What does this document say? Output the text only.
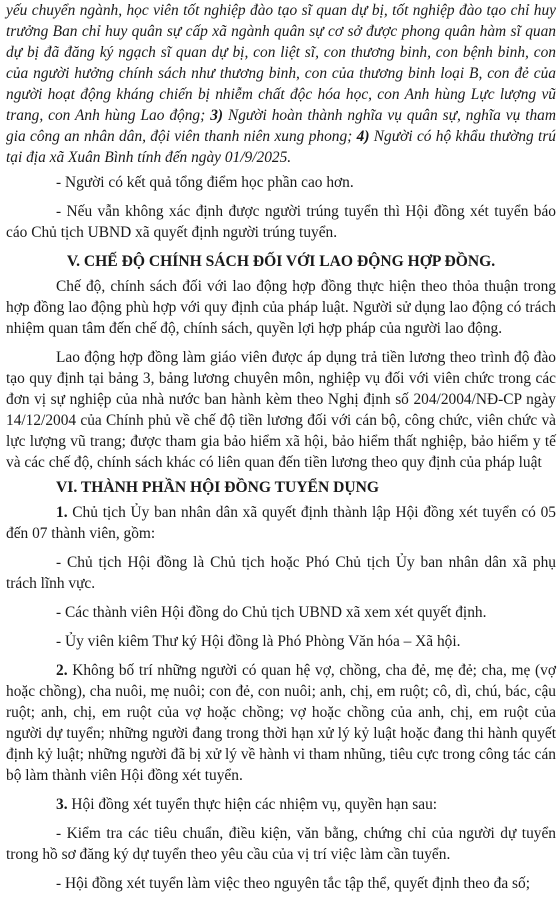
yếu chuyển ngành, học viên tốt nghiệp đào tạo sĩ quan dự bị, tốt nghiệp đào tạo chỉ huy trưởng Ban chỉ huy quân sự cấp xã ngành quân sự cơ sở được phong quân hàm sĩ quan dự bị đã đăng ký ngạch sĩ quan dự bị, con liệt sĩ, con thương binh, con bệnh binh, con của người hưởng chính sách như thương binh, con của thương binh loại B, con đẻ của người hoạt động kháng chiến bị nhiễm chất độc hóa học, con Anh hùng Lực lượng vũ trang, con Anh hùng Lao động; 3) Người hoàn thành nghĩa vụ quân sự, nghĩa vụ tham gia công an nhân dân, đội viên thanh niên xung phong; 4) Người có hộ khẩu thường trú tại địa xã Xuân Bình tính đến ngày 01/9/2025.

- Người có kết quả tổng điểm học phần cao hơn.

- Nếu vẫn không xác định được người trúng tuyển thì Hội đồng xét tuyển báo cáo Chủ tịch UBND xã quyết định người trúng tuyển.

V. CHẾ ĐỘ CHÍNH SÁCH ĐỐI VỚI LAO ĐỘNG HỢP ĐỒNG.

Chế độ, chính sách đối với lao động hợp đồng thực hiện theo thỏa thuận trong hợp đồng lao động phù hợp với quy định của pháp luật. Người sử dụng lao động có trách nhiệm quan tâm đến chế độ, chính sách, quyền lợi hợp pháp của người lao động.

Lao động hợp đồng làm giáo viên được áp dụng trả tiền lương theo trình độ đào tạo quy định tại bảng 3, bảng lương chuyên môn, nghiệp vụ đối với viên chức trong các đơn vị sự nghiệp của nhà nước ban hành kèm theo Nghị định số 204/2004/NĐ-CP ngày 14/12/2004 của Chính phủ về chế độ tiền lương đối với cán bộ, công chức, viên chức và lực lượng vũ trang; được tham gia bảo hiểm xã hội, bảo hiểm thất nghiệp, bảo hiểm y tế và các chế độ, chính sách khác có liên quan đến tiền lương theo quy định của pháp luật

VI. THÀNH PHẦN HỘI ĐỒNG TUYỂN DỤNG

1. Chủ tịch Ủy ban nhân dân xã quyết định thành lập Hội đồng xét tuyển có 05 đến 07 thành viên, gồm:

- Chủ tịch Hội đồng là Chủ tịch hoặc Phó Chủ tịch Ủy ban nhân dân xã phụ trách lĩnh vực.

- Các thành viên Hội đồng do Chủ tịch UBND xã xem xét quyết định.

- Ủy viên kiêm Thư ký Hội đồng là Phó Phòng Văn hóa – Xã hội.

2. Không bố trí những người có quan hệ vợ, chồng, cha đẻ, mẹ đẻ; cha, mẹ (vợ hoặc chồng), cha nuôi, mẹ nuôi; con đẻ, con nuôi; anh, chị, em ruột; cô, dì, chú, bác, cậu ruột; anh, chị, em ruột của vợ hoặc chồng; vợ hoặc chồng của anh, chị, em ruột của người dự tuyển; những người đang trong thời hạn xử lý kỷ luật hoặc đang thi hành quyết định kỷ luật; những người đã bị xử lý về hành vi tham nhũng, tiêu cực trong công tác cán bộ làm thành viên Hội đồng xét tuyển.

3. Hội đồng xét tuyển thực hiện các nhiệm vụ, quyền hạn sau:

- Kiểm tra các tiêu chuẩn, điều kiện, văn bằng, chứng chỉ của người dự tuyển trong hồ sơ đăng ký dự tuyển theo yêu cầu của vị trí việc làm cần tuyển.

- Hội đồng xét tuyển làm việc theo nguyên tắc tập thể, quyết định theo đa số;
